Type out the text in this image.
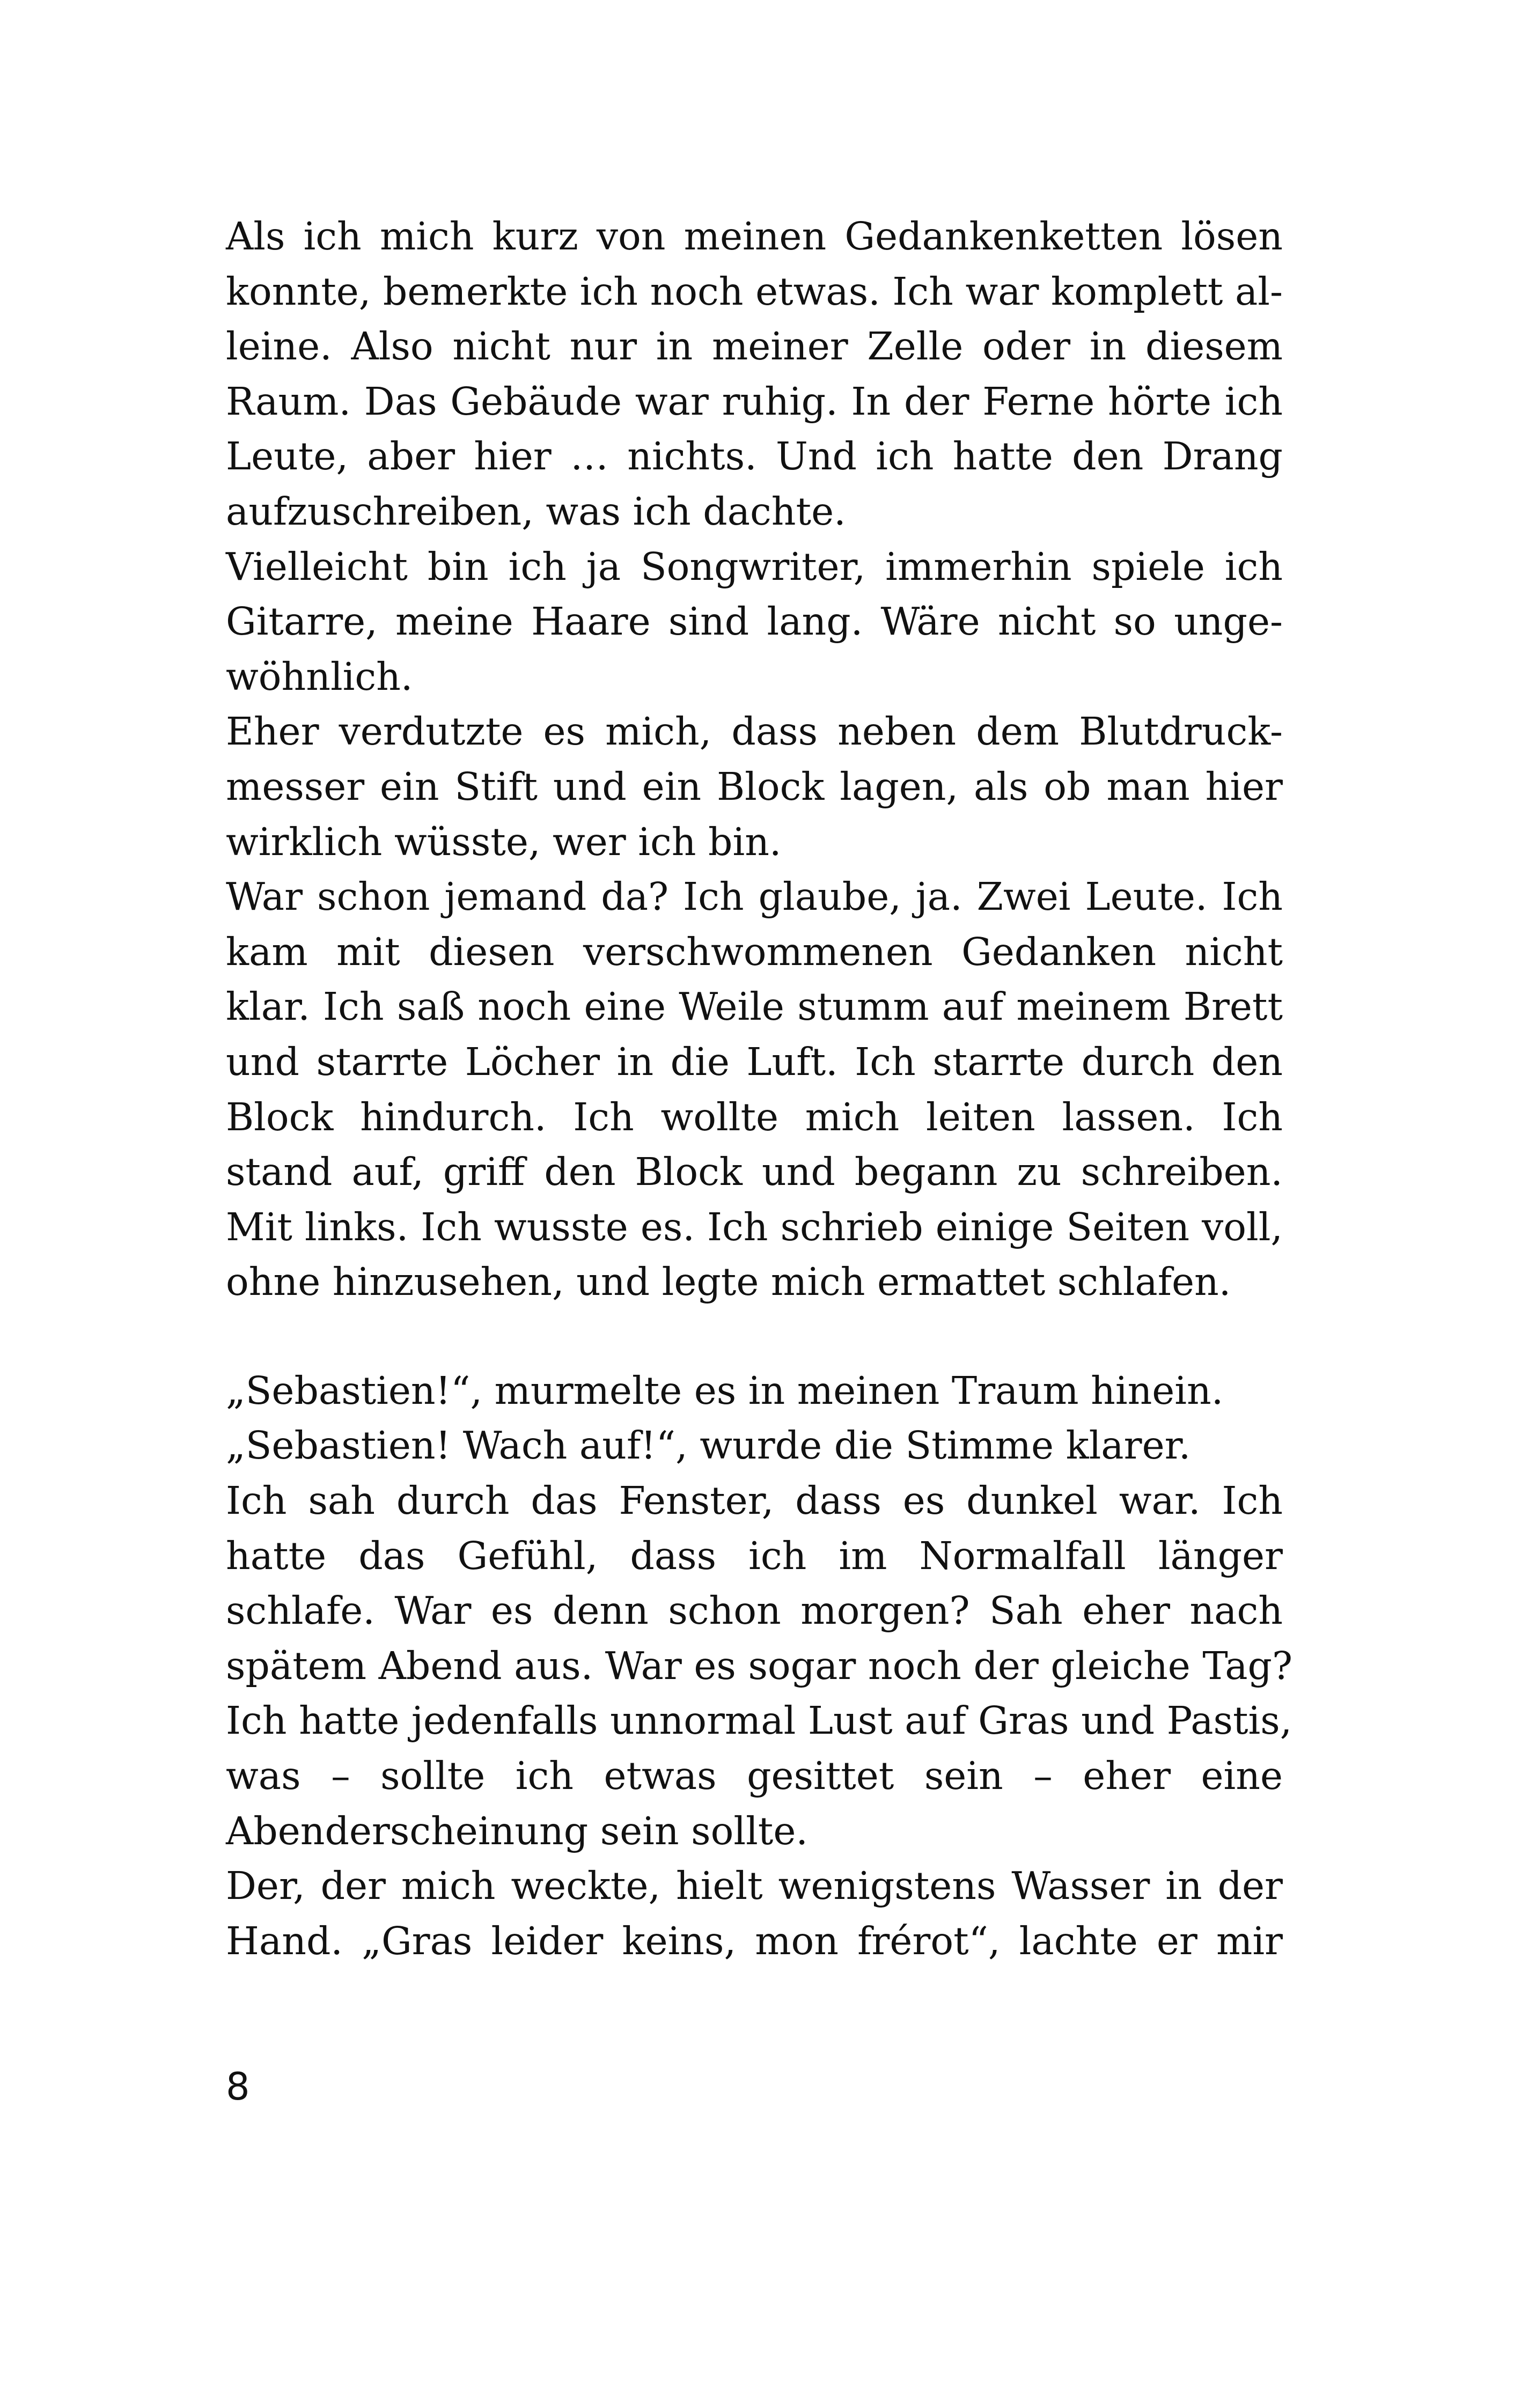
Als ich mich kurz von meinen Gedankenketten lösen
konnte, bemerkte ich noch etwas. Ich war komplett al-
leine. Also nicht nur in meiner Zelle oder in diesem
Raum. Das Gebäude war ruhig. In der Ferne hörte ich
Leute, aber hier … nichts. Und ich hatte den Drang
aufzuschreiben, was ich dachte.
Vielleicht bin ich ja Songwriter, immerhin spiele ich
Gitarre, meine Haare sind lang. Wäre nicht so unge-
wöhnlich.
Eher verdutzte es mich, dass neben dem Blutdruck-
messer ein Stift und ein Block lagen, als ob man hier
wirklich wüsste, wer ich bin.
War schon jemand da? Ich glaube, ja. Zwei Leute. Ich
kam mit diesen verschwommenen Gedanken nicht
klar. Ich saß noch eine Weile stumm auf meinem Brett
und starrte Löcher in die Luft. Ich starrte durch den
Block hindurch. Ich wollte mich leiten lassen. Ich
stand auf, griff den Block und begann zu schreiben.
Mit links. Ich wusste es. Ich schrieb einige Seiten voll,
ohne hinzusehen, und legte mich ermattet schlafen.
„Sebastien!“, murmelte es in meinen Traum hinein.
„Sebastien! Wach auf!“, wurde die Stimme klarer.
Ich sah durch das Fenster, dass es dunkel war. Ich
hatte das Gefühl, dass ich im Normalfall länger
schlafe. War es denn schon morgen? Sah eher nach
spätem Abend aus. War es sogar noch der gleiche Tag?
Ich hatte jedenfalls unnormal Lust auf Gras und Pastis,
was – sollte ich etwas gesittet sein – eher eine
Abenderscheinung sein sollte.
Der, der mich weckte, hielt wenigstens Wasser in der
Hand. „Gras leider keins, mon frérot“, lachte er mir
8
